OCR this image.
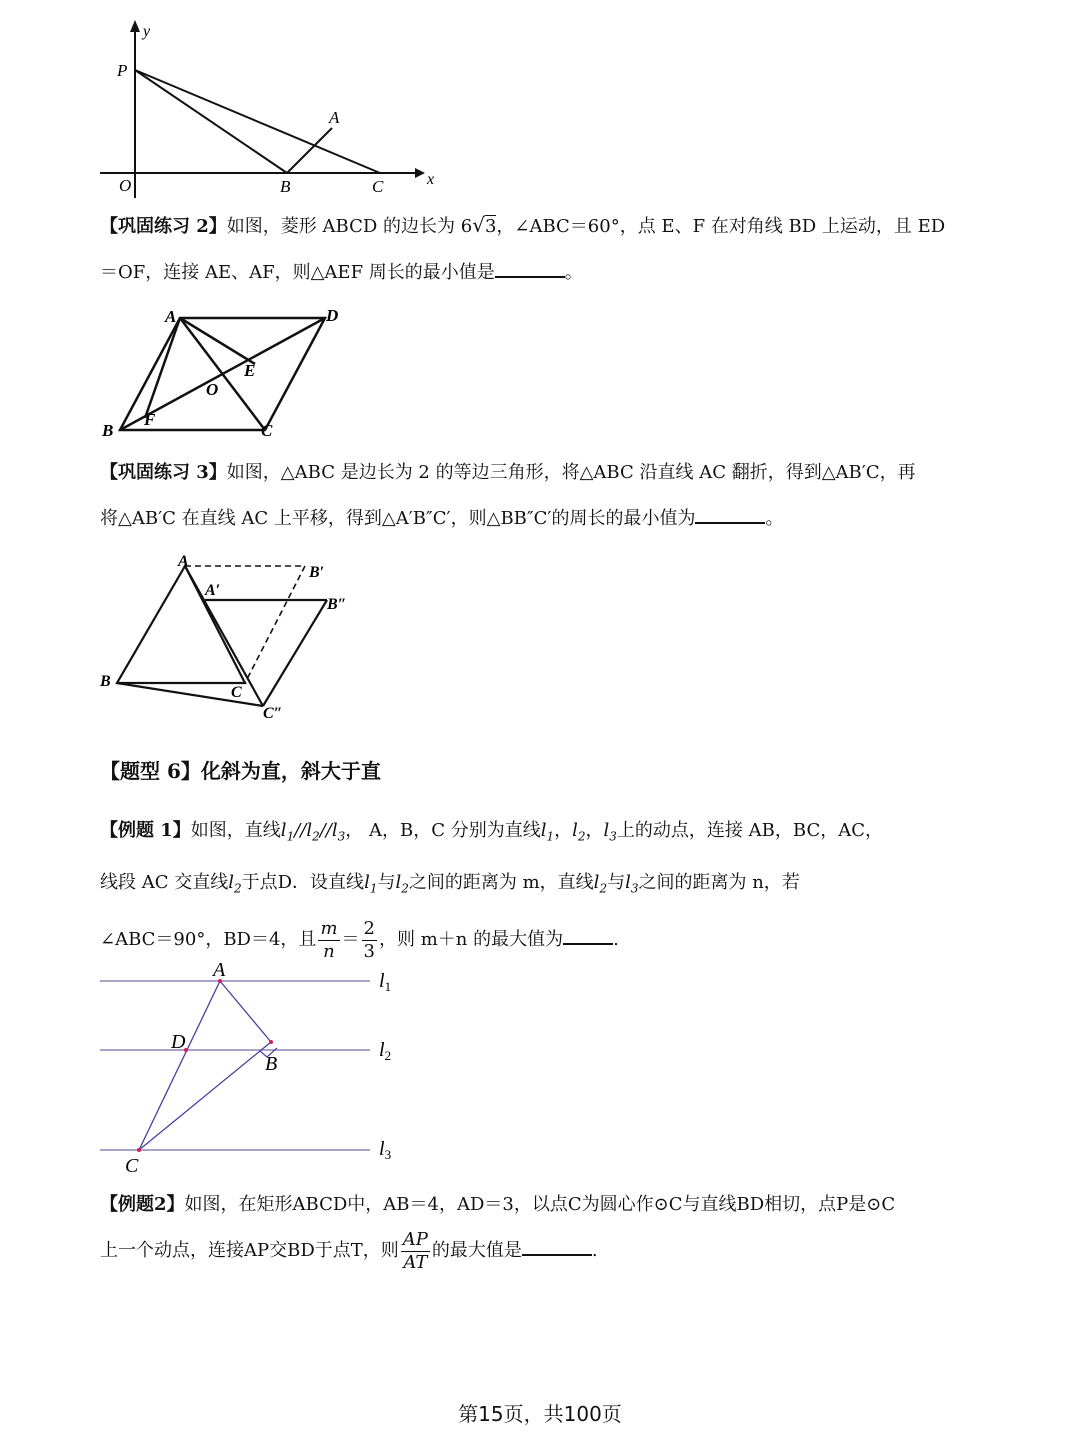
y
x
P
A
O	B	C
【巩固练习 2】如图，菱形 ABCD 的边长为 6√3，∠ABC＝60°，点 E、F 在对角线 BD 上运动，且 ED
＝OF，连接 AE、AF，则△AEF 周长的最小值是	。
A	D
E
O
B
F
C
【巩固练习 3】如图，△ABC 是边长为 2 的等边三角形，将△ABC 沿直线 AC 翻折，得到△AB′C，再
将△AB′C 在直线 AC 上平移，得到△A′B″C′，则△BB″C′的周长的最小值为	。
A
B′
A′
B″
B
C
C″
【题型 6】化斜为直，斜大于直
【例题 1】如图，直线$l_1//l_2//l_3$， A，B，C 分别为直线$l_1$，$l_2$，$l_3$上的动点，连接 AB，BC，AC，
线段 AC 交直线$l_2$于点D．设直线$l_1$与$l_2$之间的距离为 m，直线$l_2$与$l_3$之间的距离为 n，若
∠ABC＝90°，BD＝4，且 $\frac{m}{n} = \frac{2}{3}$ ，则 m＋n 的最大值为	.
A
D
B
C
$l_1$
$l_2$
$l_3$
【例题2】如图，在矩形ABCD中，AB＝4，AD＝3，以点C为圆心作⊙C与直线BD相切，点P是⊙C
上一个动点，连接AP交BD于点T，则 $\frac{AP}{AT}$ 的最大值是	.
第15页，共100页
